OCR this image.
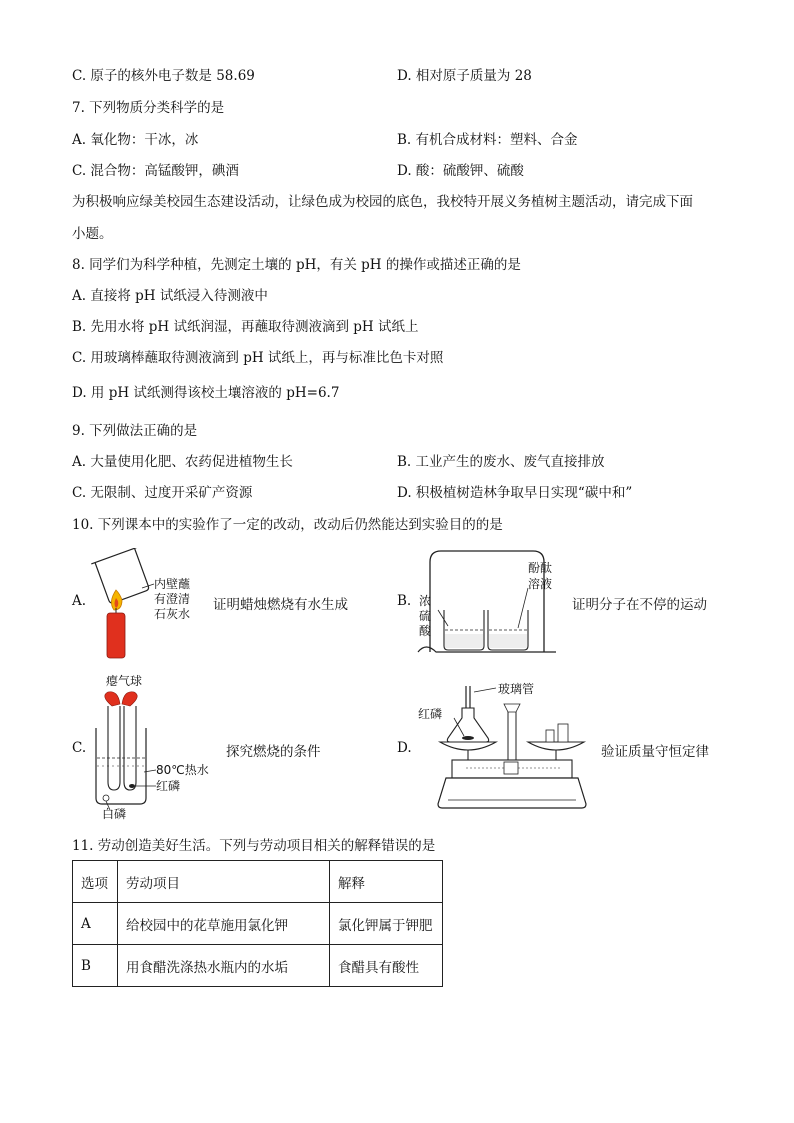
C. 原子的核外电子数是 58.69	D. 相对原子质量为 28
7. 下列物质分类科学的是
A. 氧化物：干冰，冰	B. 有机合成材料：塑料、合金
C. 混合物：高锰酸钾，碘酒	D. 酸：硫酸钾、硫酸
为积极响应绿美校园生态建设活动，让绿色成为校园的底色，我校特开展义务植树主题活动，请完成下面
小题。
8. 同学们为科学种植，先测定土壤的 pH，有关 pH 的操作或描述正确的是
A. 直接将 pH 试纸浸入待测液中
B. 先用水将 pH 试纸润湿，再蘸取待测液滴到 pH 试纸上
C. 用玻璃棒蘸取待测液滴到 pH 试纸上，再与标准比色卡对照
D. 用 pH 试纸测得该校土壤溶液的 pH=6.7
9. 下列做法正确的是
A. 大量使用化肥、农药促进植物生长	B. 工业产生的废水、废气直接排放
C. 无限制、过度开采矿产资源	D. 积极植树造林争取早日实现“碳中和”
10. 下列课本中的实验作了一定的改动，改动后仍然能达到实验目的的是
A.
内壁蘸
有澄清
石灰水
证明蜡烛燃烧有水生成	B. 浓
硫
酸
酚酞
溶液
证明分子在不停的运动
C.
瘪气球
80℃热水
红磷
白磷
探究燃烧的条件	D.
玻璃管
红磷
验证质量守恒定律
11. 劳动创造美好生活。下列与劳动项目相关的解释错误的是
选项	劳动项目	解释
A	给校园中的花草施用氯化钾	氯化钾属于钾肥
B	用食醋洗涤热水瓶内的水垢	食醋具有酸性
